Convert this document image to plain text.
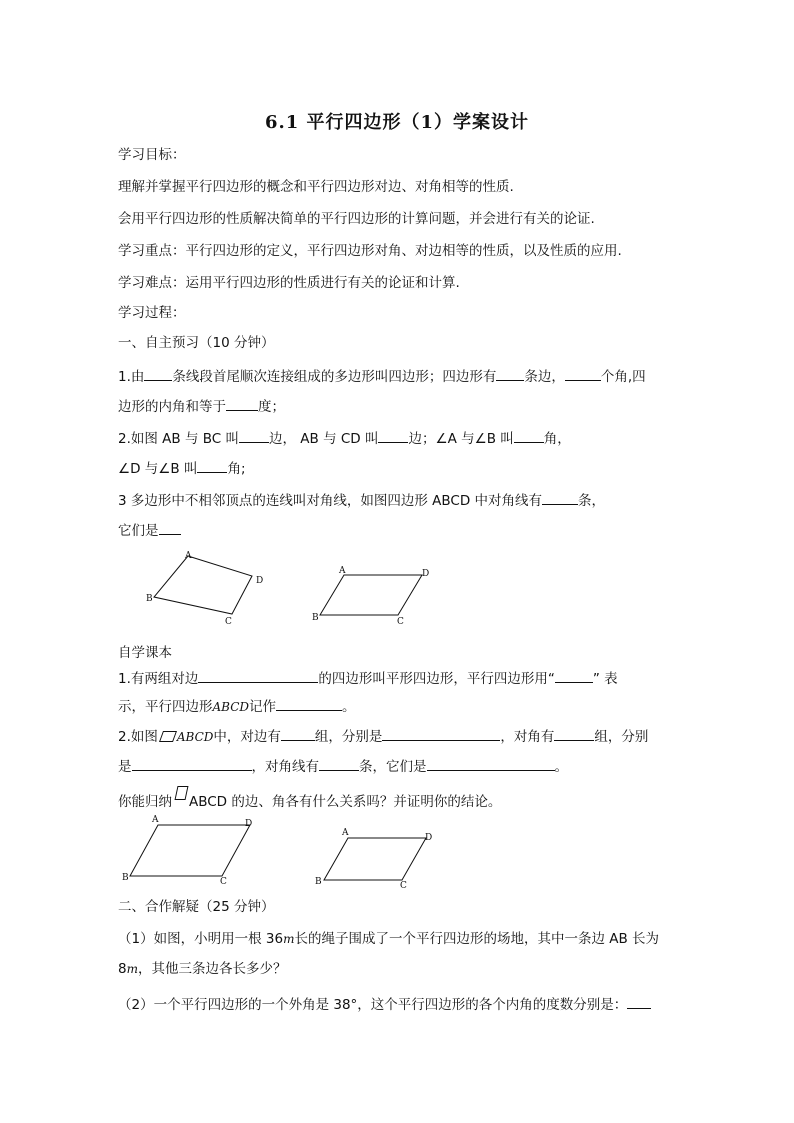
6.1 平行四边形（1）学案设计
学习目标：
理解并掌握平行四边形的概念和平行四边形对边、对角相等的性质.
会用平行四边形的性质解决简单的平行四边形的计算问题，并会进行有关的论证.
学习重点：平行四边形的定义，平行四边形对角、对边相等的性质，以及性质的应用.
学习难点：运用平行四边形的性质进行有关的论证和计算.
学习过程：
一、自主预习（10 分钟）
1.由 条线段首尾顺次连接组成的多边形叫四边形；四边形有 条边，	个角,四
边形的内角和等于 度；
2.如图 AB 与 BC 叫 边， AB 与 CD 叫 边；∠A 与∠B 叫 角，
∠D 与∠B 叫 角;
3 多边形中不相邻顶点的连线叫对角线，如图四边形 ABCD 中对角线有	条，
它们是
A
D
C
B
A	D
C
B
自学课本
1.有两组对边	的四边形叫平形四边形，平行四边形用“	” 表
示，平行四边形ABCD记作	。
2.如图 ABCD中，对边有	组，分别是	，对角有	组，分别
是	，对角线有	条，它们是	。
你能归纳 ABCD 的边、角各有什么关系吗？并证明你的结论。
A	D
C
B
A	D
C
B
二、合作解疑（25 分钟）
（1）如图，小明用一根 36m长的绳子围成了一个平行四边形的场地，其中一条边 AB 长为
8m，其他三条边各长多少？
（2）一个平行四边形的一个外角是 38°，这个平行四边形的各个内角的度数分别是：
